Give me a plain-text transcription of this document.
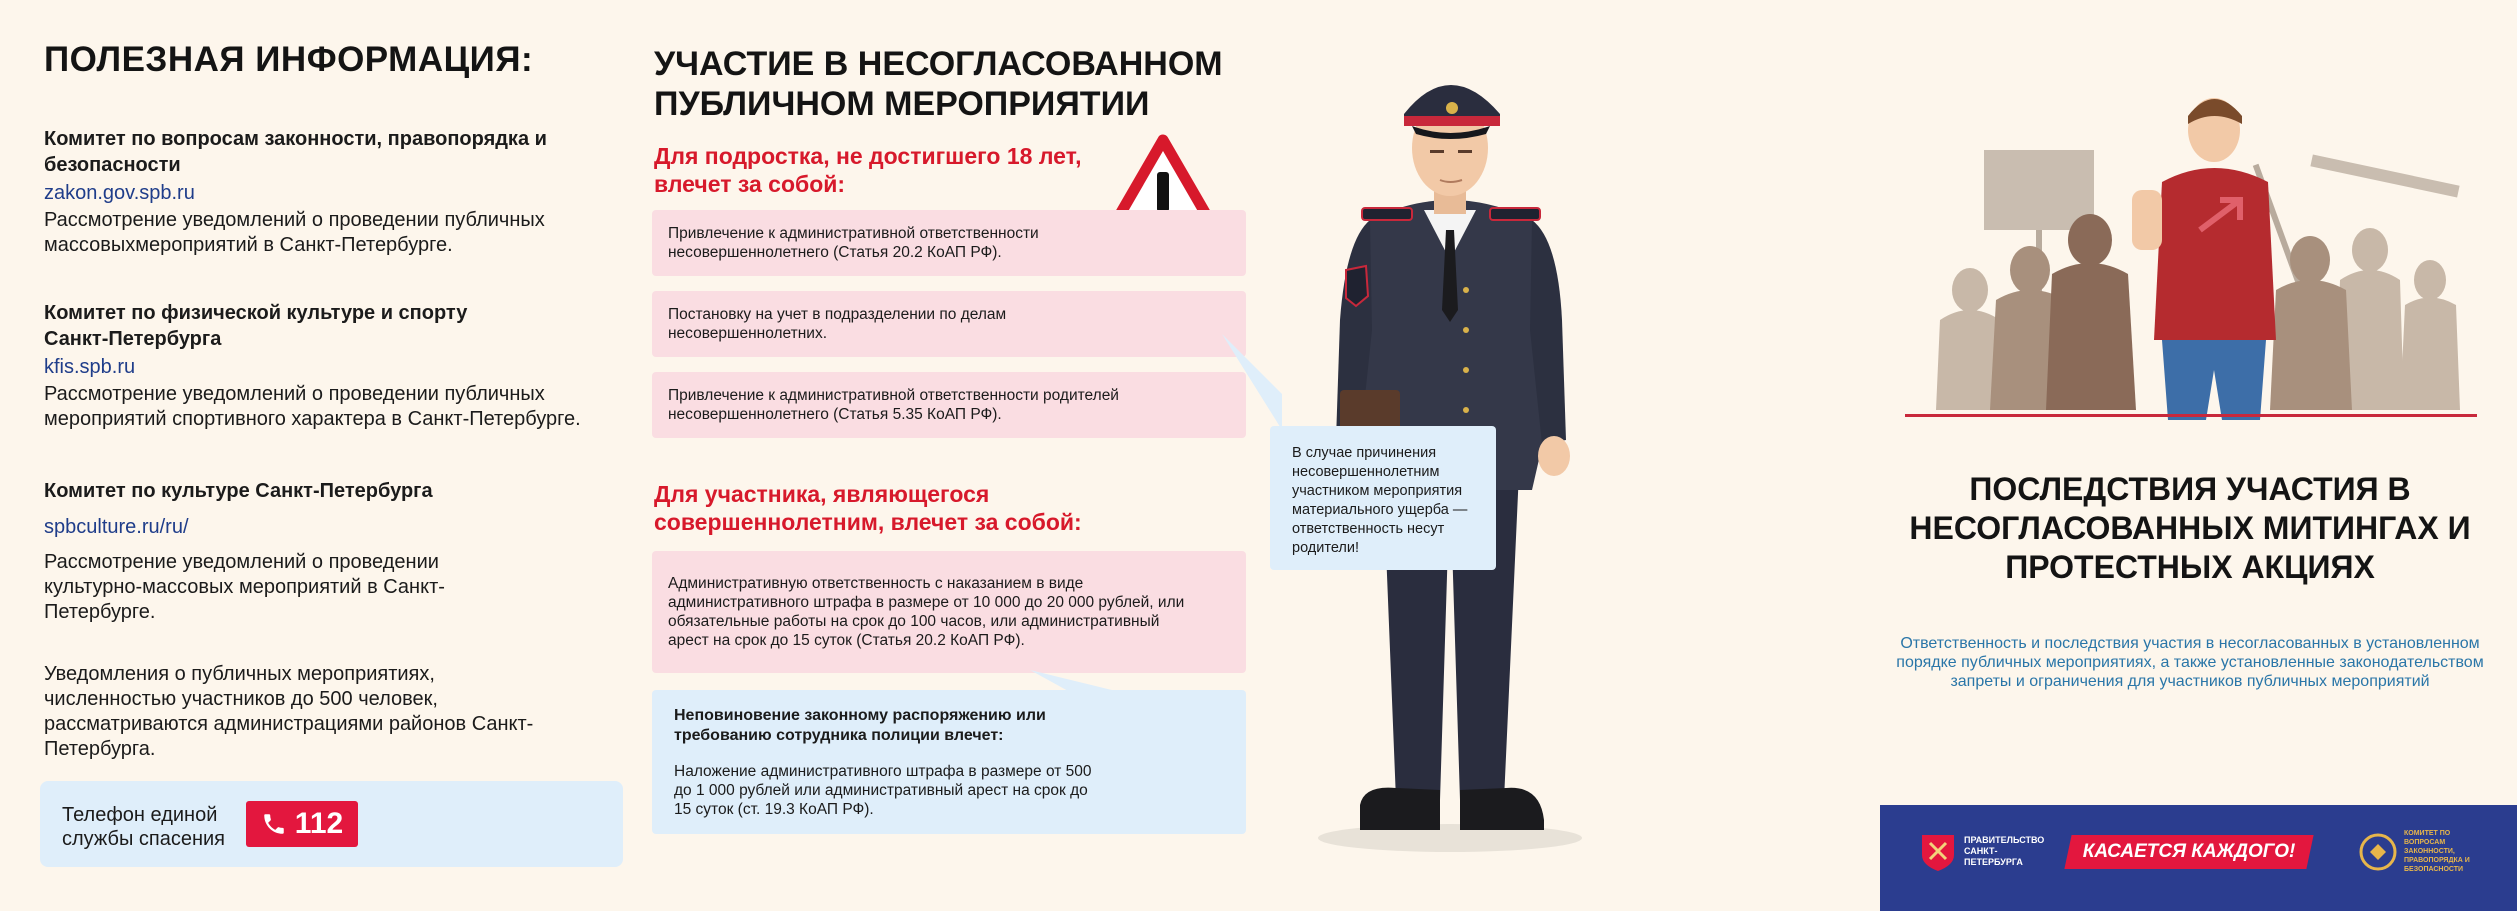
ПОЛЕЗНАЯ ИНФОРМАЦИЯ:
Комитет по вопросам законности, правопорядка и безопасности
zakon.gov.spb.ru
Рассмотрение уведомлений о проведении публичных массовыхмероприятий в Санкт-Петербурге.
Комитет по физической культуре и спорту Санкт-Петербурга
kfis.spb.ru
Рассмотрение уведомлений о проведении публичных мероприятий спортивного характера в Санкт-Петербурге.
Комитет по культуре Санкт-Петербурга
spbculture.ru/ru/
Рассмотрение уведомлений о проведении культурно-массовых мероприятий в Санкт-Петербурге.
Уведомления о публичных мероприятиях, численностью участников до 500 человек, рассматриваются администрациями районов Санкт-Петербурга.
Телефон единой службы спасения	112
УЧАСТИЕ В НЕСОГЛАСОВАННОМ ПУБЛИЧНОМ МЕРОПРИЯТИИ
Для подростка, не достигшего 18 лет, влечет за собой:
Привлечение к административной ответственности несовершеннолетнего (Статья 20.2 КоАП РФ).
Постановку на учет в подразделении по делам несовершеннолетних.
Привлечение к административной ответственности родителей несовершеннолетнего (Статья 5.35 КоАП РФ).
Для участника, являющегося совершеннолетним, влечет за собой:
Административную ответственность с наказанием в виде административного штрафа в размере от 10 000 до 20 000 рублей, или обязательные работы на срок до 100 часов, или административный арест на срок до 15 суток (Статья 20.2 КоАП РФ).
Неповиновение законному распоряжению или требованию сотрудника полиции влечет:
Наложение административного штрафа в размере от 500 до 1 000 рублей или административный арест на срок до 15 суток (ст. 19.3 КоАП РФ).
В случае причинения несовершеннолетним участником мероприятия материального ущерба — ответственность несут родители!
ПОСЛЕДСТВИЯ УЧАСТИЯ В НЕСОГЛАСОВАННЫХ МИТИНГАХ И ПРОТЕСТНЫХ АКЦИЯХ
Ответственность и последствия участия в несогласованных в установленном порядке публичных мероприятиях, а также установленные законодательством запреты и ограничения для участников публичных мероприятий
ПРАВИТЕЛЬСТВО САНКТ-ПЕТЕРБУРГА	КАСАЕТСЯ КАЖДОГО!
КОМИТЕТ ПО ВОПРОСАМ ЗАКОННОСТИ, ПРАВОПОРЯДКА И БЕЗОПАСНОСТИ
